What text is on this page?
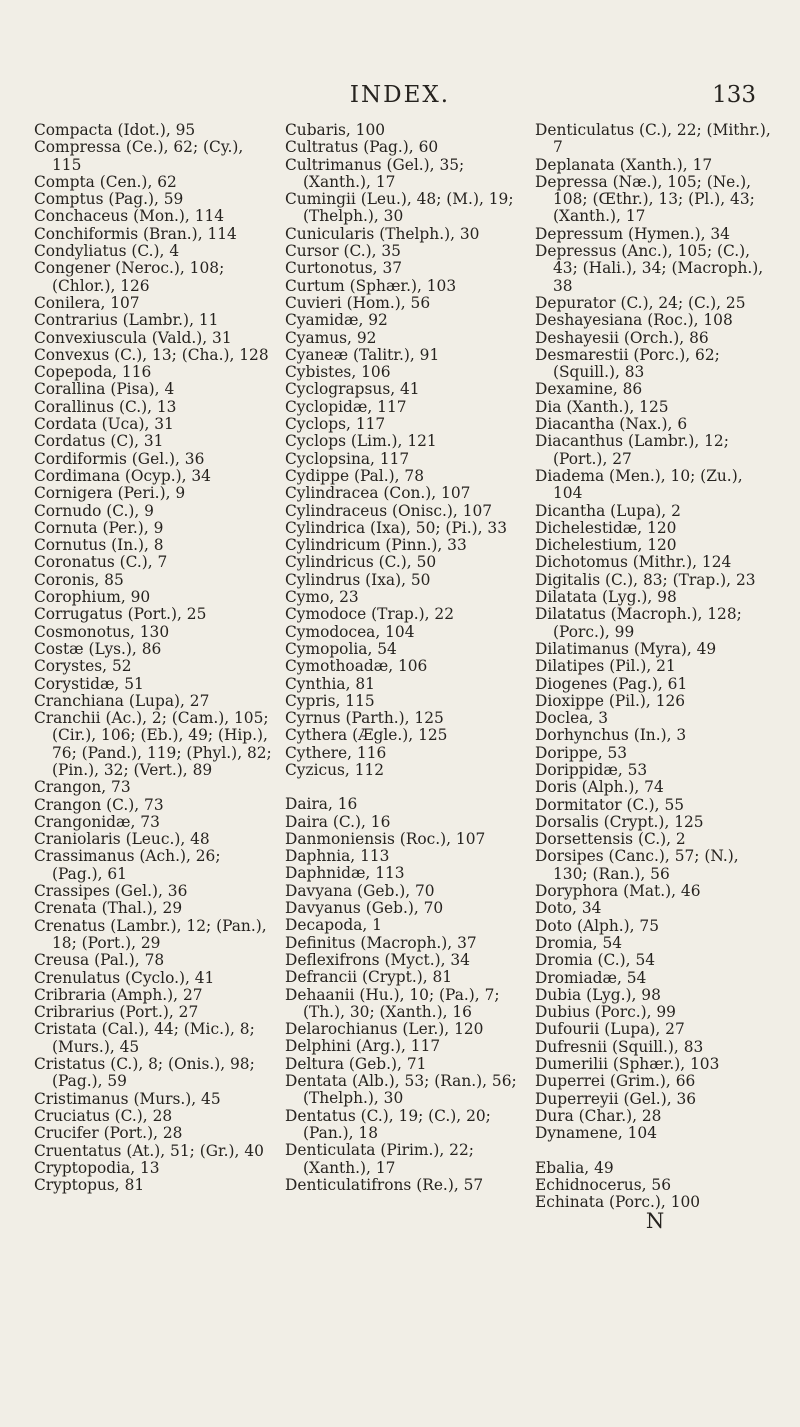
INDEX.	133

Compacta (Idot.), 95

Compressa (Ce.), 62; (Cy.), 115

Compta (Cen.), 62

Comptus (Pag.), 59

Conchaceus (Mon.), 114

Conchiformis (Bran.), 114

Condyliatus (C.), 4

Congener (Neroc.), 108; (Chlor.), 126

Conilera, 107

Contrarius (Lambr.), 11

Convexiuscula (Vald.), 31

Convexus (C.), 13; (Cha.), 128

Copepoda, 116

Corallina (Pisa), 4

Corallinus (C.), 13

Cordata (Uca), 31

Cordatus (C), 31

Cordiformis (Gel.), 36

Cordimana (Ocyp.), 34

Cornigera (Peri.), 9

Cornudo (C.), 9

Cornuta (Per.), 9

Cornutus (In.), 8

Coronatus (C.), 7

Coronis, 85

Corophium, 90

Corrugatus (Port.), 25

Cosmonotus, 130

Costæ (Lys.), 86

Corystes, 52

Corystidæ, 51

Cranchiana (Lupa), 27

Cranchii (Ac.), 2; (Cam.), 105; (Cir.), 106; (Eb.), 49; (Hip.), 76; (Pand.), 119; (Phyl.), 82; (Pin.), 32; (Vert.), 89

Crangon, 73

Crangon (C.), 73

Crangonidæ, 73

Craniolaris (Leuc.), 48

Crassimanus (Ach.), 26; (Pag.), 61

Crassipes (Gel.), 36

Crenata (Thal.), 29

Crenatus (Lambr.), 12; (Pan.), 18; (Port.), 29

Creusa (Pal.), 78

Crenulatus (Cyclo.), 41

Cribraria (Amph.), 27

Cribrarius (Port.), 27

Cristata (Cal.), 44; (Mic.), 8; (Murs.), 45

Cristatus (C.), 8; (Onis.), 98; (Pag.), 59

Cristimanus (Murs.), 45

Cruciatus (C.), 28

Crucifer (Port.), 28

Cruentatus (At.), 51; (Gr.), 40

Cryptopodia, 13

Cryptopus, 81

Cubaris, 100

Cultratus (Pag.), 60

Cultrimanus (Gel.), 35; (Xanth.), 17

Cumingii (Leu.), 48; (M.), 19; (Thelph.), 30

Cunicularis (Thelph.), 30

Cursor (C.), 35

Curtonotus, 37

Curtum (Sphær.), 103

Cuvieri (Hom.), 56

Cyamidæ, 92

Cyamus, 92

Cyaneæ (Talitr.), 91

Cybistes, 106

Cyclograpsus, 41

Cyclopidæ, 117

Cyclops, 117

Cyclops (Lim.), 121

Cyclopsina, 117

Cydippe (Pal.), 78

Cylindracea (Con.), 107

Cylindraceus (Onisc.), 107

Cylindrica (Ixa), 50; (Pi.), 33

Cylindricum (Pinn.), 33

Cylindricus (C.), 50

Cylindrus (Ixa), 50

Cymo, 23

Cymodoce (Trap.), 22

Cymodocea, 104

Cymopolia, 54

Cymothoadæ, 106

Cynthia, 81

Cypris, 115

Cyrnus (Parth.), 125

Cythera (Ægle.), 125

Cythere, 116

Cyzicus, 112

Daira, 16

Daira (C.), 16

Danmoniensis (Roc.), 107

Daphnia, 113

Daphnidæ, 113

Davyana (Geb.), 70

Davyanus (Geb.), 70

Decapoda, 1

Definitus (Macroph.), 37

Deflexifrons (Myct.), 34

Defrancii (Crypt.), 81

Dehaanii (Hu.), 10; (Pa.), 7; (Th.), 30; (Xanth.), 16

Delarochianus (Ler.), 120

Delphini (Arg.), 117

Deltura (Geb.), 71

Dentata (Alb.), 53; (Ran.), 56; (Thelph.), 30

Dentatus (C.), 19; (C.), 20; (Pan.), 18

Denticulata (Pirim.), 22; (Xanth.), 17

Denticulatifrons (Re.), 57

Denticulatus (C.), 22; (Mithr.), 7

Deplanata (Xanth.), 17

Depressa (Næ.), 105; (Ne.), 108; (Œthr.), 13; (Pl.), 43; (Xanth.), 17

Depressum (Hymen.), 34

Depressus (Anc.), 105; (C.), 43; (Hali.), 34; (Macroph.), 38

Depurator (C.), 24; (C.), 25

Deshayesiana (Roc.), 108

Deshayesii (Orch.), 86

Desmarestii (Porc.), 62; (Squill.), 83

Dexamine, 86

Dia (Xanth.), 125

Diacantha (Nax.), 6

Diacanthus (Lambr.), 12; (Port.), 27

Diadema (Men.), 10; (Zu.), 104

Dicantha (Lupa), 2

Dichelestidæ, 120

Dichelestium, 120

Dichotomus (Mithr.), 124

Digitalis (C.), 83; (Trap.), 23

Dilatata (Lyg.), 98

Dilatatus (Macroph.), 128; (Porc.), 99

Dilatimanus (Myra), 49

Dilatipes (Pil.), 21

Diogenes (Pag.), 61

Dioxippe (Pil.), 126

Doclea, 3

Dorhynchus (In.), 3

Dorippe, 53

Dorippidæ, 53

Doris (Alph.), 74

Dormitator (C.), 55

Dorsalis (Crypt.), 125

Dorsettensis (C.), 2

Dorsipes (Canc.), 57; (N.), 130; (Ran.), 56

Doryphora (Mat.), 46

Doto, 34

Doto (Alph.), 75

Dromia, 54

Dromia (C.), 54

Dromiadæ, 54

Dubia (Lyg.), 98

Dubius (Porc.), 99

Dufourii (Lupa), 27

Dufresnii (Squill.), 83

Dumerilii (Sphær.), 103

Duperrei (Grim.), 66

Duperreyii (Gel.), 36

Dura (Char.), 28

Dynamene, 104

Ebalia, 49

Echidnocerus, 56

Echinata (Porc.), 100

N
